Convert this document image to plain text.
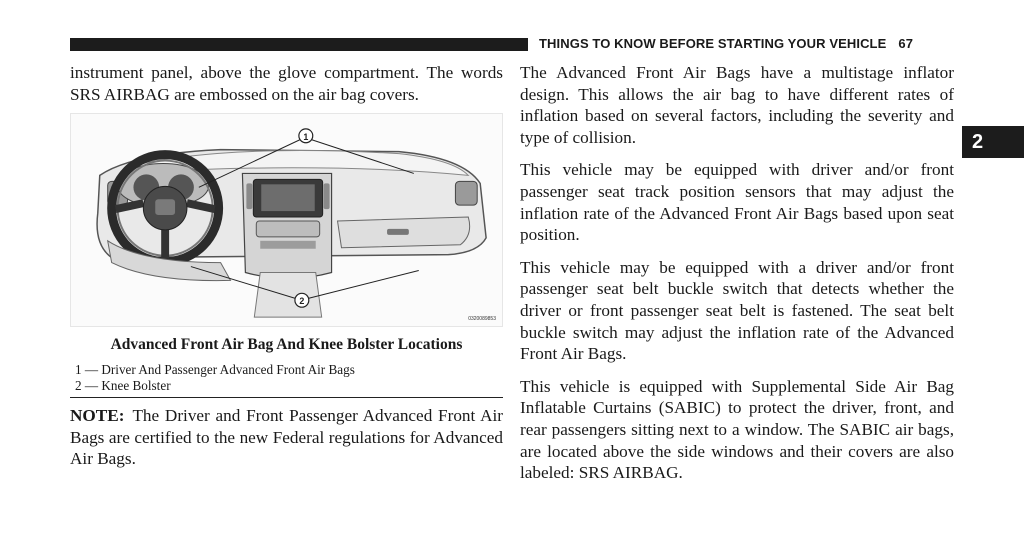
THINGS TO KNOW BEFORE STARTING YOUR VEHICLE 67
2

instrument panel, above the glove compartment. The words SRS AIRBAG are embossed on the air bag covers.

1
2
0320089853
Advanced Front Air Bag And Knee Bolster Locations
1 — Driver And Passenger Advanced Front Air Bags
2 — Knee Bolster

NOTE: The Driver and Front Passenger Advanced Front Air Bags are certified to the new Federal regulations for Advanced Air Bags.

The Advanced Front Air Bags have a multistage inflator design. This allows the air bag to have different rates of inflation based on several factors, including the severity and type of collision.

This vehicle may be equipped with driver and/or front passenger seat track position sensors that may adjust the inflation rate of the Advanced Front Air Bags based upon seat position.

This vehicle may be equipped with a driver and/or front passenger seat belt buckle switch that detects whether the driver or front passenger seat belt is fastened. The seat belt buckle switch may adjust the inflation rate of the Advanced Front Air Bags.

This vehicle is equipped with Supplemental Side Air Bag Inflatable Curtains (SABIC) to protect the driver, front, and rear passengers sitting next to a window. The SABIC air bags, are located above the side windows and their covers are also labeled: SRS AIRBAG.
